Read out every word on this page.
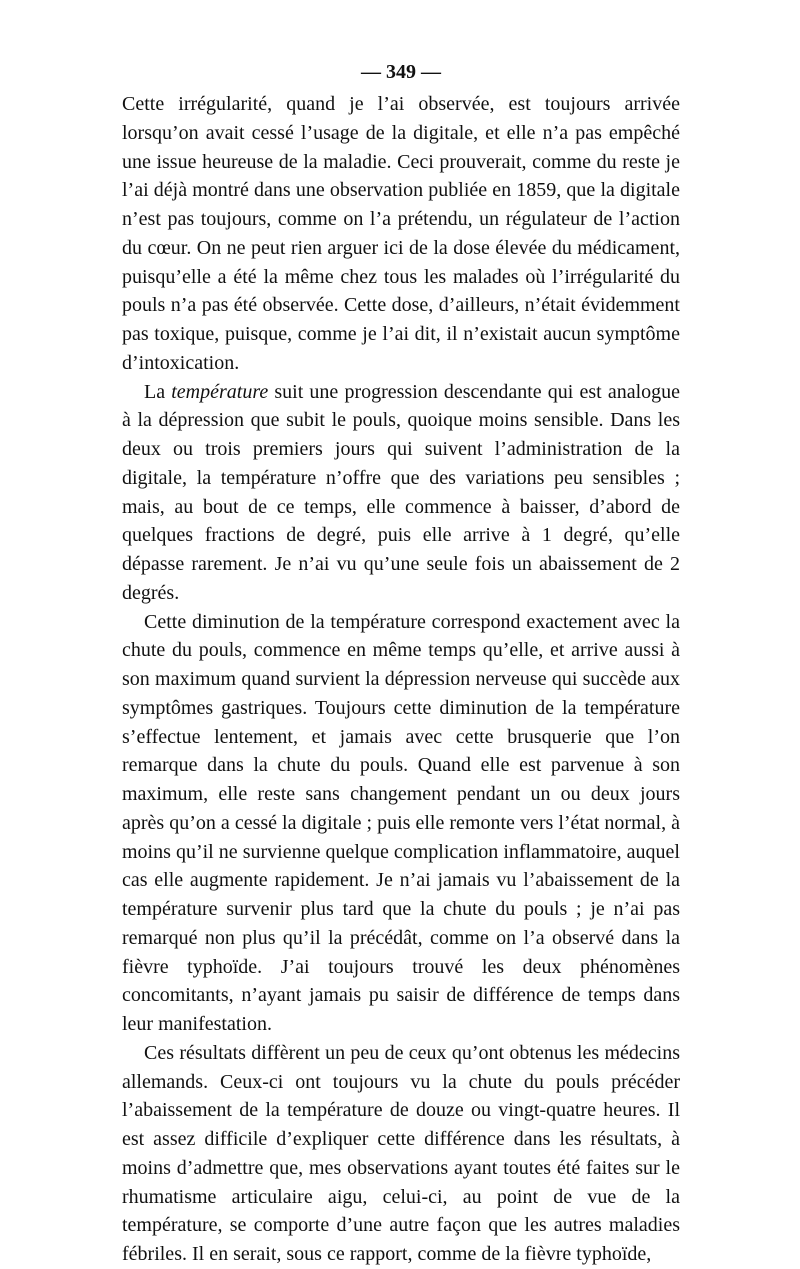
— 349 —

Cette irrégularité, quand je l’ai observée, est toujours arrivée lorsqu’on avait cessé l’usage de la digitale, et elle n’a pas empêché une issue heureuse de la maladie. Ceci prouverait, comme du reste je l’ai déjà montré dans une observation publiée en 1859, que la digitale n’est pas toujours, comme on l’a prétendu, un régulateur de l’action du cœur. On ne peut rien arguer ici de la dose élevée du médicament, puisqu’elle a été la même chez tous les malades où l’irrégularité du pouls n’a pas été observée. Cette dose, d’ailleurs, n’était évidemment pas toxique, puisque, comme je l’ai dit, il n’existait aucun symptôme d’intoxication.

La température suit une progression descendante qui est analogue à la dépression que subit le pouls, quoique moins sensible. Dans les deux ou trois premiers jours qui suivent l’administration de la digitale, la température n’offre que des variations peu sensibles ; mais, au bout de ce temps, elle commence à baisser, d’abord de quelques fractions de degré, puis elle arrive à 1 degré, qu’elle dépasse rarement. Je n’ai vu qu’une seule fois un abaissement de 2 degrés.

Cette diminution de la température correspond exactement avec la chute du pouls, commence en même temps qu’elle, et arrive aussi à son maximum quand survient la dépression nerveuse qui succède aux symptômes gastriques. Toujours cette diminution de la température s’effectue lentement, et jamais avec cette brusquerie que l’on remarque dans la chute du pouls. Quand elle est parvenue à son maximum, elle reste sans changement pendant un ou deux jours après qu’on a cessé la digitale ; puis elle remonte vers l’état normal, à moins qu’il ne survienne quelque complication inflammatoire, auquel cas elle augmente rapidement. Je n’ai jamais vu l’abaissement de la température survenir plus tard que la chute du pouls ; je n’ai pas remarqué non plus qu’il la précédât, comme on l’a observé dans la fièvre typhoïde. J’ai toujours trouvé les deux phénomènes concomitants, n’ayant jamais pu saisir de différence de temps dans leur manifestation.

Ces résultats diffèrent un peu de ceux qu’ont obtenus les médecins allemands. Ceux-ci ont toujours vu la chute du pouls précéder l’abaissement de la température de douze ou vingt-quatre heures. Il est assez difficile d’expliquer cette différence dans les résultats, à moins d’admettre que, mes observations ayant toutes été faites sur le rhumatisme articulaire aigu, celui-ci, au point de vue de la température, se comporte d’une autre façon que les autres maladies fébriles. Il en serait, sous ce rapport, comme de la fièvre typhoïde,
